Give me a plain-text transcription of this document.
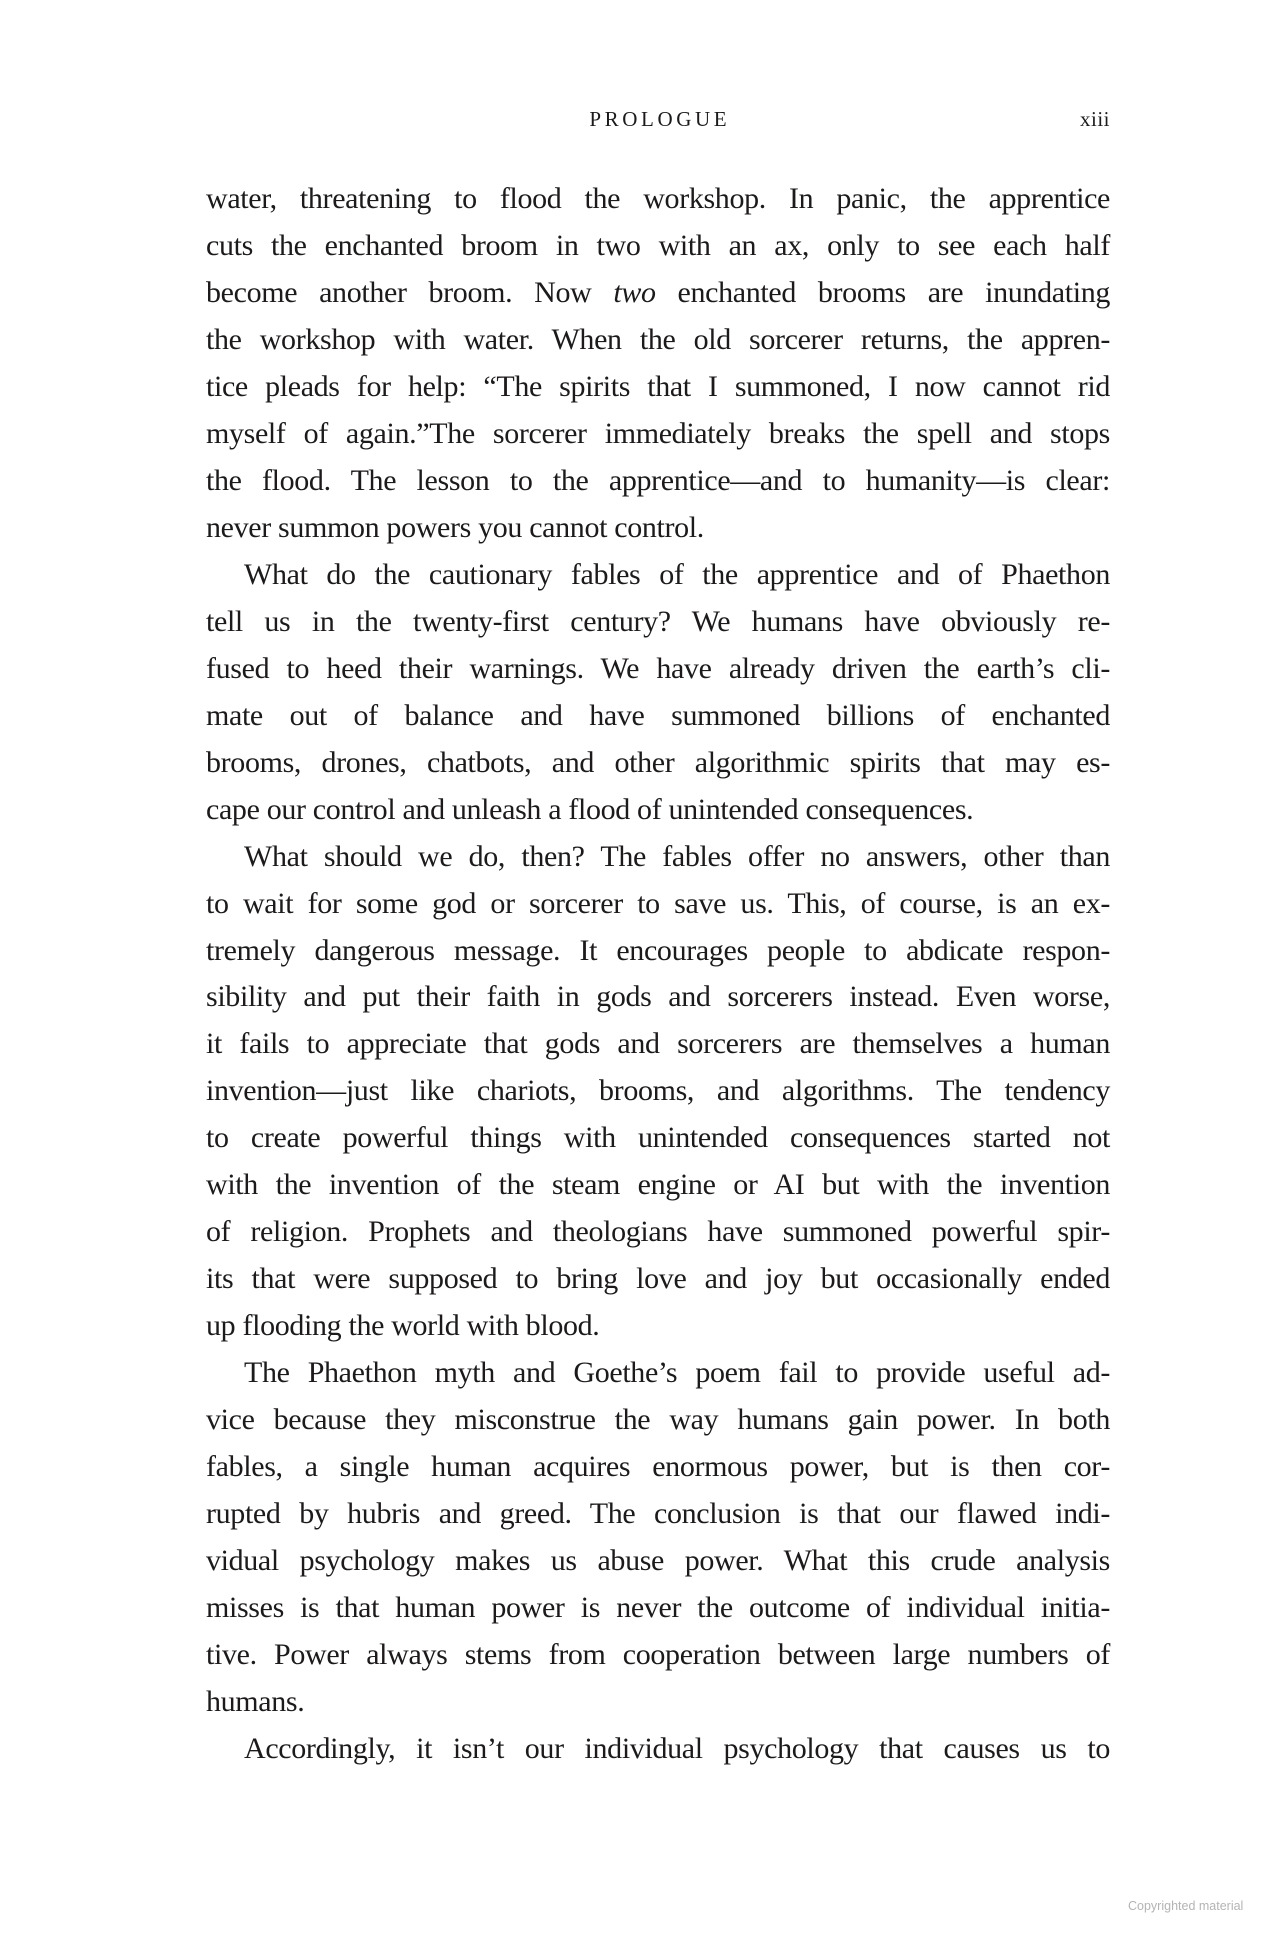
PROLOGUE	xiii
water, threatening to flood the workshop. In panic, the apprentice
cuts the enchanted broom in two with an ax, only to see each half
become another broom. Now two enchanted brooms are inundating
the workshop with water. When the old sorcerer returns, the appren-
tice pleads for help: “The spirits that I summoned, I now cannot rid
myself of again.”The sorcerer immediately breaks the spell and stops
the flood. The lesson to the apprentice—and to humanity—is clear:
never summon powers you cannot control.
What do the cautionary fables of the apprentice and of Phaethon
tell us in the twenty-first century? We humans have obviously re-
fused to heed their warnings. We have already driven the earth’s cli-
mate out of balance and have summoned billions of enchanted
brooms, drones, chatbots, and other algorithmic spirits that may es-
cape our control and unleash a flood of unintended consequences.
What should we do, then? The fables offer no answers, other than
to wait for some god or sorcerer to save us. This, of course, is an ex-
tremely dangerous message. It encourages people to abdicate respon-
sibility and put their faith in gods and sorcerers instead. Even worse,
it fails to appreciate that gods and sorcerers are themselves a human
invention—just like chariots, brooms, and algorithms. The tendency
to create powerful things with unintended consequences started not
with the invention of the steam engine or AI but with the invention
of religion. Prophets and theologians have summoned powerful spir-
its that were supposed to bring love and joy but occasionally ended
up flooding the world with blood.
The Phaethon myth and Goethe’s poem fail to provide useful ad-
vice because they misconstrue the way humans gain power. In both
fables, a single human acquires enormous power, but is then cor-
rupted by hubris and greed. The conclusion is that our flawed indi-
vidual psychology makes us abuse power. What this crude analysis
misses is that human power is never the outcome of individual initia-
tive. Power always stems from cooperation between large numbers of
humans.
Accordingly, it isn’t our individual psychology that causes us to
Copyrighted material
